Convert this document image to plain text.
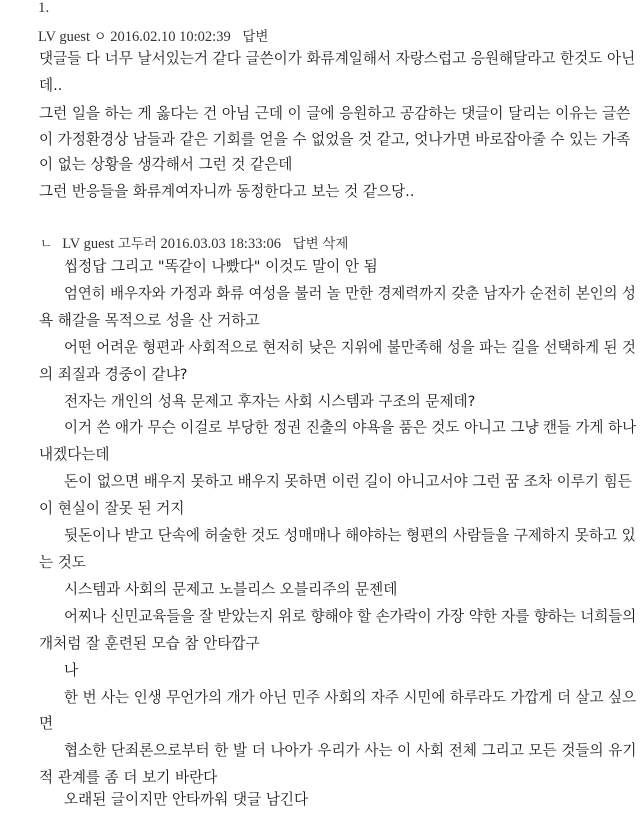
1.
LV guest ㅇ 2016.02.10 10:02:39 답변
댓글들 다 너무 날서있는거 같다 글쓴이가 화류계일해서 자랑스럽고 응원해달라고 한것도 아닌
데..
그런 일을 하는 게 옳다는 건 아님 근데 이 글에 응원하고 공감하는 댓글이 달리는 이유는 글쓴
이 가정환경상 남들과 같은 기회를 얻을 수 없었을 것 같고, 엇나가면 바로잡아줄 수 있는 가족
이 없는 상황을 생각해서 그런 것 같은데
그런 반응들을 화류계여자니까 동정한다고 보는 것 같으당..
ㄴ LV guest 고두러 2016.03.03 18:33:06 답변 삭제
씹정답 그리고 "똑같이 나빴다" 이것도 말이 안 됨
엄연히 배우자와 가정과 화류 여성을 불러 놀 만한 경제력까지 갖춘 남자가 순전히 본인의 성
욕 해갈을 목적으로 성을 산 거하고
어떤 어려운 형편과 사회적으로 현저히 낮은 지위에 불만족해 성을 파는 길을 선택하게 된 것
의 죄질과 경중이 같냐?
전자는 개인의 성욕 문제고 후자는 사회 시스템과 구조의 문제데?
이거 쓴 애가 무슨 이걸로 부당한 정권 진출의 야욕을 품은 것도 아니고 그냥 캔들 가게 하나
내겠다는데
돈이 없으면 배우지 못하고 배우지 못하면 이런 길이 아니고서야 그런 꿈 조차 이루기 힘든
이 현실이 잘못 된 거지
뒷돈이나 받고 단속에 허술한 것도 성매매나 해야하는 형편의 사람들을 구제하지 못하고 있
는 것도
시스템과 사회의 문제고 노블리스 오블리주의 문젠데
어찌나 신민교육들을 잘 받았는지 위로 향해야 할 손가락이 가장 약한 자를 향하는 너희들의
개처럼 잘 훈련된 모습 참 안타깝구
나
한 번 사는 인생 무언가의 개가 아닌 민주 사회의 자주 시민에 하루라도 가깝게 더 살고 싶으
면
협소한 단죄론으로부터 한 발 더 나아가 우리가 사는 이 사회 전체 그리고 모든 것들의 유기
적 관계를 좀 더 보기 바란다
오래된 글이지만 안타까워 댓글 남긴다
